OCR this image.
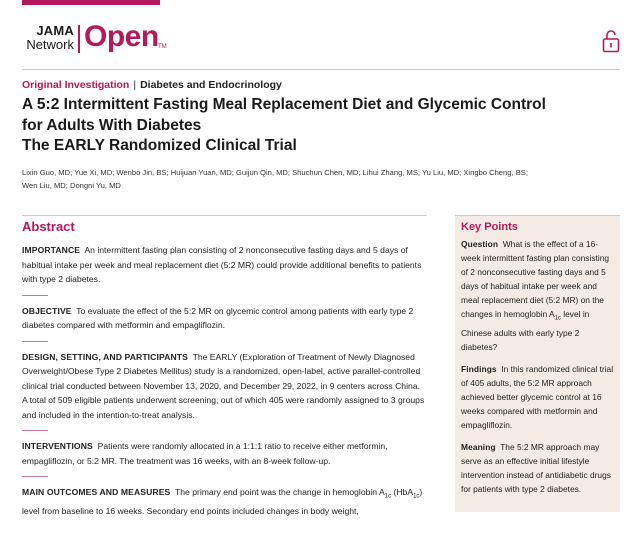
JAMA
Network Open TM
Original Investigation | Diabetes and Endocrinology
A 5:2 Intermittent Fasting Meal Replacement Diet and Glycemic Control for Adults With Diabetes
The EARLY Randomized Clinical Trial
Lixin Guo, MD; Yue Xi, MD; Wenbo Jin, BS; Huijuan Yuan, MD; Guijun Qin, MD; Shuchun Chen, MD; Lihui Zhang, MS; Yu Liu, MD; Xingbo Cheng, BS;
Wen Liu, MD; Dongni Yu, MD
Abstract

IMPORTANCE An intermittent fasting plan consisting of 2 nonconsecutive fasting days and 5 days of habitual intake per week and meal replacement diet (5:2 MR) could provide additional benefits to patients with type 2 diabetes.

OBJECTIVE To evaluate the effect of the 5:2 MR on glycemic control among patients with early type 2 diabetes compared with metformin and empagliflozin.

DESIGN, SETTING, AND PARTICIPANTS The EARLY (Exploration of Treatment of Newly Diagnosed Overweight/Obese Type 2 Diabetes Mellitus) study is a randomized, open-label, active parallel-controlled clinical trial conducted between November 13, 2020, and December 29, 2022, in 9 centers across China. A total of 509 eligible patients underwent screening, out of which 405 were randomly assigned to 3 groups and included in the intention-to-treat analysis.

INTERVENTIONS Patients were randomly allocated in a 1:1:1 ratio to receive either metformin, empagliflozin, or 5:2 MR. The treatment was 16 weeks, with an 8-week follow-up.

MAIN OUTCOMES AND MEASURES The primary end point was the change in hemoglobin $A_{1c}$ (HbA$_{1c}$) level from baseline to 16 weeks. Secondary end points included changes in body weight,

Key Points
Question What is the effect of a 16-week intermittent fasting plan consisting of 2 nonconsecutive fasting days and 5 days of habitual intake per week and meal replacement diet (5:2 MR) on the changes in hemoglobin $A_{1c}$ level in Chinese adults with early type 2 diabetes?
Findings In this randomized clinical trial of 405 adults, the 5:2 MR approach achieved better glycemic control at 16 weeks compared with metformin and empagliflozin.
Meaning The 5:2 MR approach may serve as an effective initial lifestyle intervention instead of antidiabetic drugs for patients with type 2 diabetes.
